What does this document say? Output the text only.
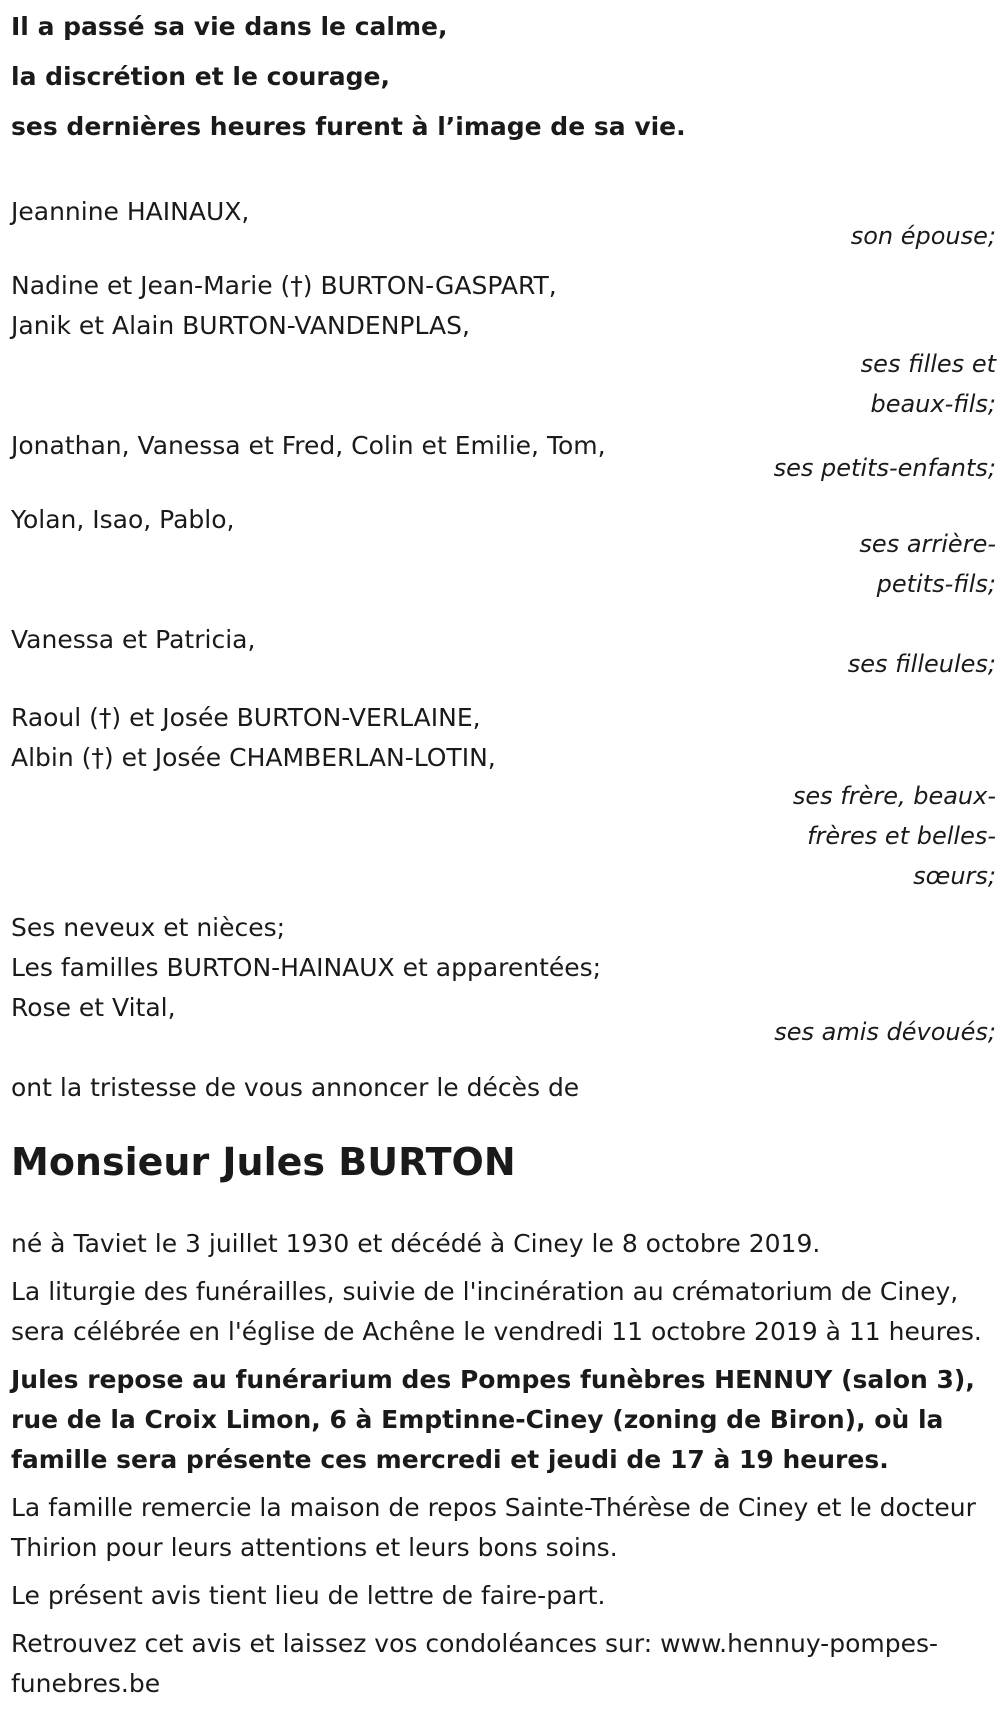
Il a passé sa vie dans le calme,
la discrétion et le courage,
ses dernières heures furent à l’image de sa vie.
Jeannine HAINAUX,
son épouse;
Nadine et Jean-Marie (†) BURTON-GASPART,
Janik et Alain BURTON-VANDENPLAS,
ses filles et beaux-fils;
Jonathan, Vanessa et Fred, Colin et Emilie, Tom,
ses petits-enfants;
Yolan, Isao, Pablo,
ses arrière-petits-fils;
Vanessa et Patricia,
ses filleules;
Raoul (†) et Josée BURTON-VERLAINE,
Albin (†) et Josée CHAMBERLAN-LOTIN,
ses frère, beaux-frères et belles-sœurs;
Ses neveux et nièces;
Les familles BURTON-HAINAUX et apparentées;
Rose et Vital,
ses amis dévoués;
ont la tristesse de vous annoncer le décès de
Monsieur Jules BURTON
né à Taviet le 3 juillet 1930 et décédé à Ciney le 8 octobre 2019.
La liturgie des funérailles, suivie de l'incinération au crématorium de Ciney, sera célébrée en l'église de Achêne le vendredi 11 octobre 2019 à 11 heures.
Jules repose au funérarium des Pompes funèbres HENNUY (salon 3), rue de la Croix Limon, 6 à Emptinne-Ciney (zoning de Biron), où la famille sera présente ces mercredi et jeudi de 17 à 19 heures.
La famille remercie la maison de repos Sainte-Thérèse de Ciney et le docteur Thirion pour leurs attentions et leurs bons soins.
Le présent avis tient lieu de lettre de faire-part.
Retrouvez cet avis et laissez vos condoléances sur: www.hennuy-pompes-funebres.be
